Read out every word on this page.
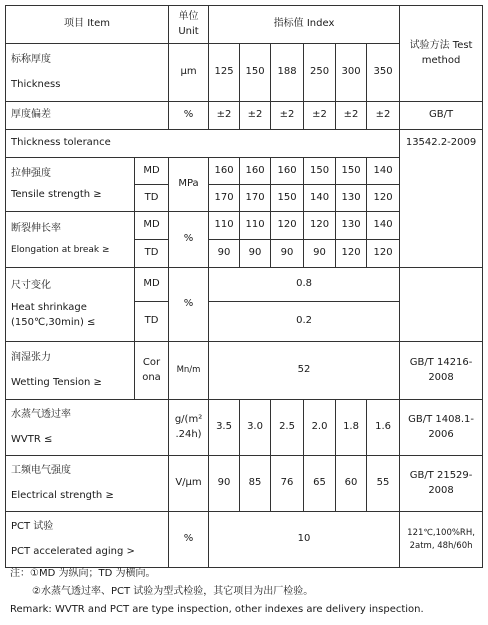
项目 Item		单位 Unit	指标值 Index						试验方法 Test method

标称厚度
Thickness		μm	125	150	188	250	300	350	
厚度偏差		%	±2	±2	±2	±2	±2	±2	GB/T
Thickness tolerance									13542.2-2009

拉伸强度
Tensile strength ≥	MD	MPa	160	160	160	150	150	140	
	TD		170	170	150	140	130	120	

断裂伸长率
Elongation at break ≥	MD	%	110	110	120	120	130	140	
	TD		90	90	90	90	120	120	

尺寸变化
Heat shrinkage
(150℃,30min) ≤	MD	%	0.8						
	TD		0.2						

润湿张力
Wetting Tension ≥	Cor ona	Mn/m	52						GB/T 14216-2008

水蒸气透过率
WVTR ≤		g/(m² .24h)	3.5	3.0	2.5	2.0	1.8	1.6	GB/T 1408.1-2006

工频电气强度
Electrical strength ≥		V/μm	90	85	76	65	60	55	GB/T 21529-2008

PCT 试验
PCT accelerated aging >		%	10						121℃,100%RH, 2atm, 48h/60h
注：①MD 为纵向；TD 为横向。
②水蒸气透过率、PCT 试验为型式检验，其它项目为出厂检验。
Remark: WVTR and PCT are type inspection, other indexes are delivery inspection.
